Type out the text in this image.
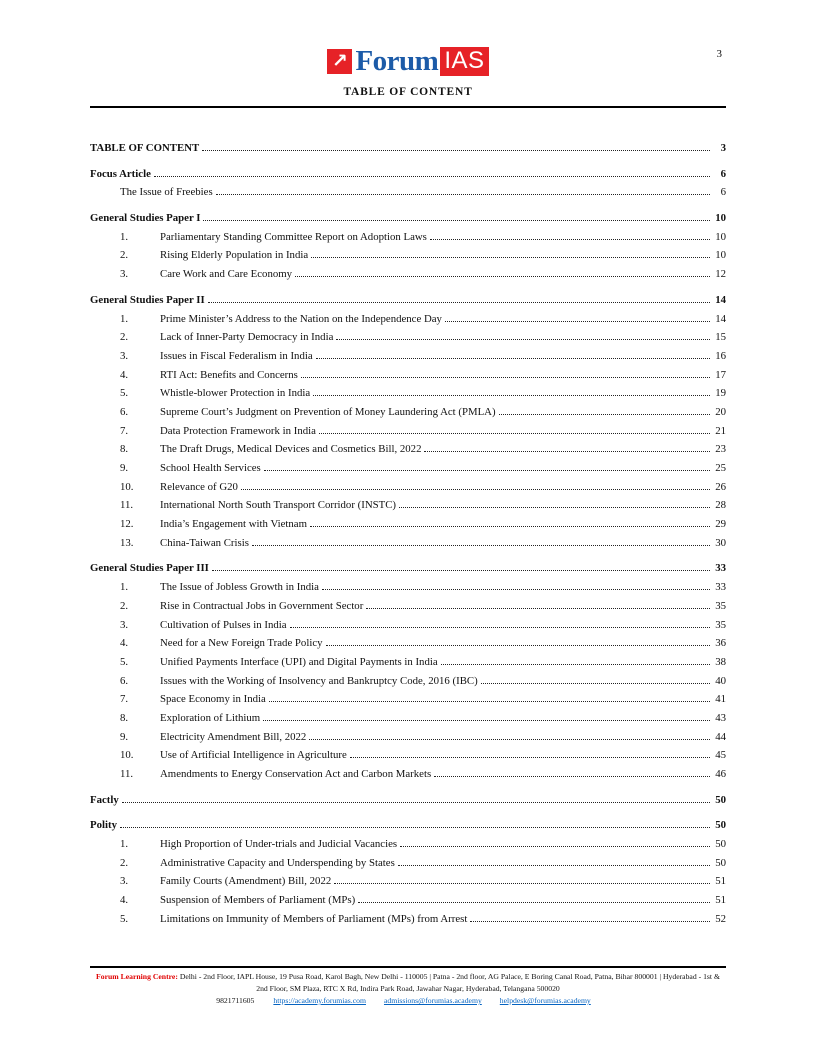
3
↗ Forum IAS
TABLE OF CONTENT
TABLE OF CONTENT	3
Focus Article	6
The Issue of Freebies	6
General Studies Paper I	10
1.	Parliamentary Standing Committee Report on Adoption Laws	10
2.	Rising Elderly Population in India	10
3.	Care Work and Care Economy	12
General Studies Paper II	14
1.	Prime Minister’s Address to the Nation on the Independence Day	14
2.	Lack of Inner-Party Democracy in India	15
3.	Issues in Fiscal Federalism in India	16
4.	RTI Act: Benefits and Concerns	17
5.	Whistle-blower Protection in India	19
6.	Supreme Court’s Judgment on Prevention of Money Laundering Act (PMLA)	20
7.	Data Protection Framework in India	21
8.	The Draft Drugs, Medical Devices and Cosmetics Bill, 2022	23
9.	School Health Services	25
10.	Relevance of G20	26
11.	International North South Transport Corridor (INSTC)	28
12.	India’s Engagement with Vietnam	29
13.	China-Taiwan Crisis	30
General Studies Paper III	33
1.	The Issue of Jobless Growth in India	33
2.	Rise in Contractual Jobs in Government Sector	35
3.	Cultivation of Pulses in India	35
4.	Need for a New Foreign Trade Policy	36
5.	Unified Payments Interface (UPI) and Digital Payments in India	38
6.	Issues with the Working of Insolvency and Bankruptcy Code, 2016 (IBC)	40
7.	Space Economy in India	41
8.	Exploration of Lithium	43
9.	Electricity Amendment Bill, 2022	44
10.	Use of Artificial Intelligence in Agriculture	45
11.	Amendments to Energy Conservation Act and Carbon Markets	46
Factly	50
Polity	50
1.	High Proportion of Under-trials and Judicial Vacancies	50
2.	Administrative Capacity and Underspending by States	50
3.	Family Courts (Amendment) Bill, 2022	51
4.	Suspension of Members of Parliament (MPs)	51
5.	Limitations on Immunity of Members of Parliament (MPs) from Arrest	52
Forum Learning Centre: Delhi - 2nd Floor, IAPL House, 19 Pusa Road, Karol Bagh, New Delhi - 110005 | Patna - 2nd floor, AG Palace, E Boring Canal Road, Patna, Bihar 800001 | Hyderabad - 1st & 2nd Floor, SM Plaza, RTC X Rd, Indira Park Road, Jawahar Nagar, Hyderabad, Telangana 500020
9821711605 https://academy.forumias.com admissions@forumias.academy helpdesk@forumias.academy
